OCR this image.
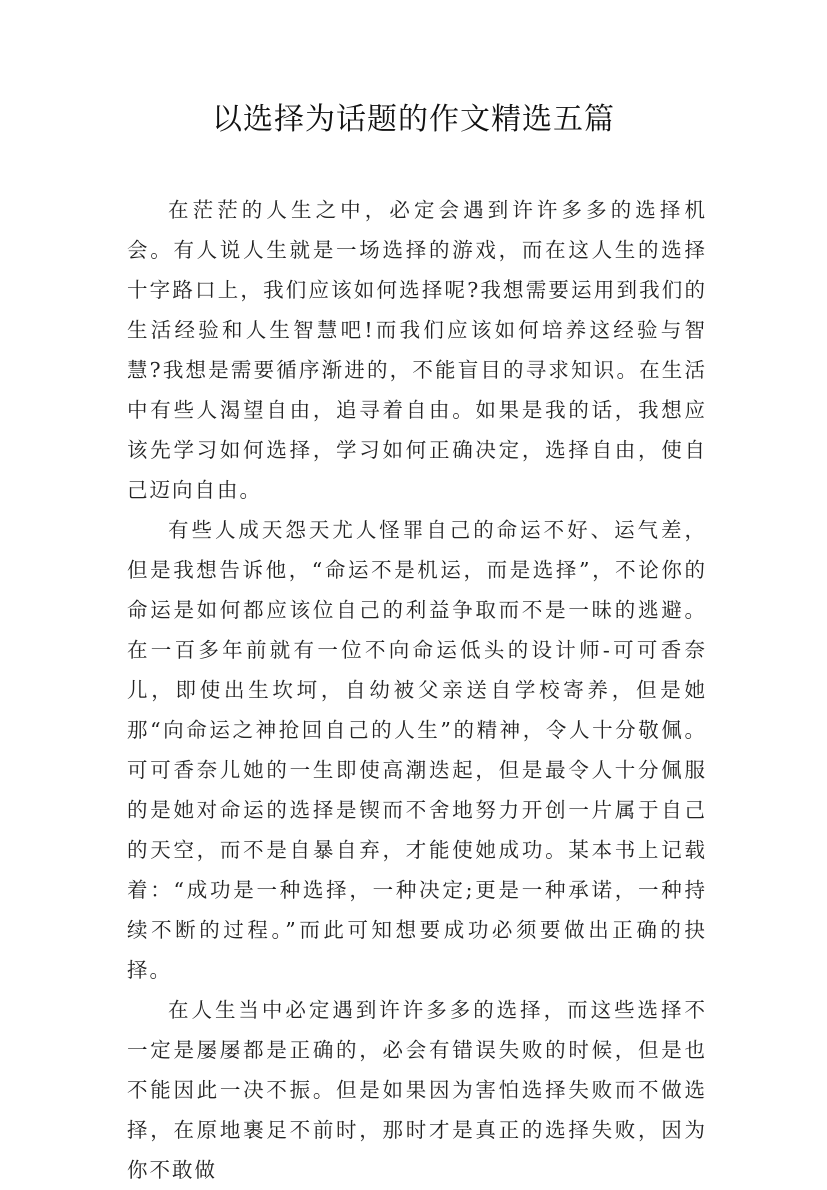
以选择为话题的作文精选五篇

在茫茫的人生之中，必定会遇到许许多多的选择机会。有人说人生就是一场选择的游戏，而在这人生的选择十字路口上，我们应该如何选择呢?我想需要运用到我们的生活经验和人生智慧吧!而我们应该如何培养这经验与智慧?我想是需要循序渐进的，不能盲目的寻求知识。在生活中有些人渴望自由，追寻着自由。如果是我的话，我想应该先学习如何选择，学习如何正确决定，选择自由，使自己迈向自由。

有些人成天怨天尤人怪罪自己的命运不好、运气差，但是我想告诉他，“命运不是机运，而是选择”，不论你的命运是如何都应该位自己的利益争取而不是一昧的逃避。在一百多年前就有一位不向命运低头的设计师-可可香奈儿，即使出生坎坷，自幼被父亲送自学校寄养，但是她那“向命运之神抢回自己的人生”的精神，令人十分敬佩。可可香奈儿她的一生即使高潮迭起，但是最令人十分佩服的是她对命运的选择是锲而不舍地努力开创一片属于自己的天空，而不是自暴自弃，才能使她成功。某本书上记载着：“成功是一种选择，一种决定;更是一种承诺，一种持续不断的过程。”而此可知想要成功必须要做出正确的抉择。

在人生当中必定遇到许许多多的选择，而这些选择不一定是屡屡都是正确的，必会有错误失败的时候，但是也不能因此一决不振。但是如果因为害怕选择失败而不做选择，在原地裹足不前时，那时才是真正的选择失败，因为你不敢做
